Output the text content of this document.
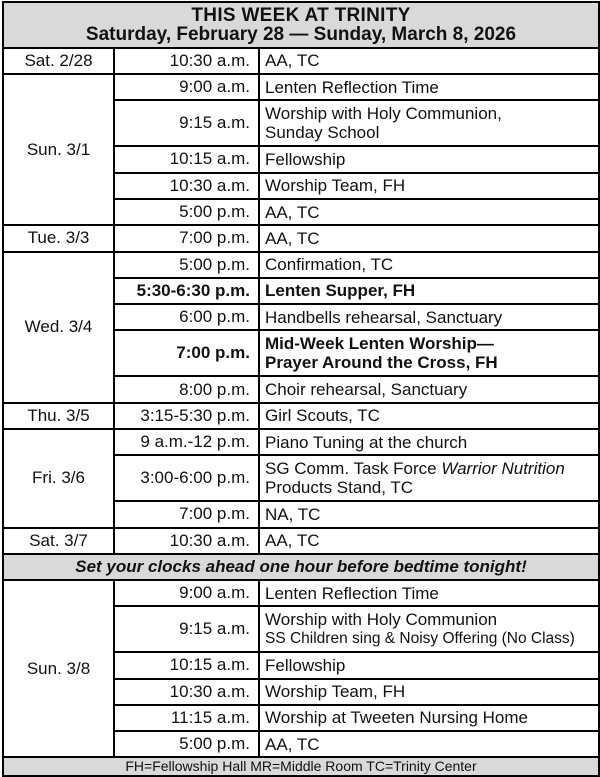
THIS WEEK AT TRINITY
Saturday, February 28 — Sunday, March 8, 2026		

Sat. 2/28	10:30 a.m.	AA, TC

Sun. 3/1	9:00 a.m.	Lenten Reflection Time

	9:15 a.m.	Worship with Holy Communion,
Sunday School

	10:15 a.m.	Fellowship

	10:30 a.m.	Worship Team, FH

	5:00 p.m.	AA, TC

Tue. 3/3	7:00 p.m.	AA, TC

Wed. 3/4	5:00 p.m.	Confirmation, TC

	5:30-6:30 p.m.	Lenten Supper, FH

	6:00 p.m.	Handbells rehearsal, Sanctuary

	7:00 p.m.	Mid-Week Lenten Worship—
Prayer Around the Cross, FH

	8:00 p.m.	Choir rehearsal, Sanctuary

Thu. 3/5	3:15-5:30 p.m.	Girl Scouts, TC

Fri. 3/6	9 a.m.-12 p.m.	Piano Tuning at the church

	3:00-6:00 p.m.	SG Comm. Task Force Warrior Nutrition
Products Stand, TC

	7:00 p.m.	NA, TC

Sat. 3/7	10:30 a.m.	AA, TC

Set your clocks ahead one hour before bedtime tonight!		
Sun. 3/8	9:00 a.m.	Lenten Reflection Time

	9:15 a.m.	Worship with Holy Communion
SS Children sing & Noisy Offering (No Class)

	10:15 a.m.	Fellowship

	10:30 a.m.	Worship Team, FH

	11:15 a.m.	Worship at Tweeten Nursing Home

	5:00 p.m.	AA, TC

FH=Fellowship Hall MR=Middle Room TC=Trinity Center		
